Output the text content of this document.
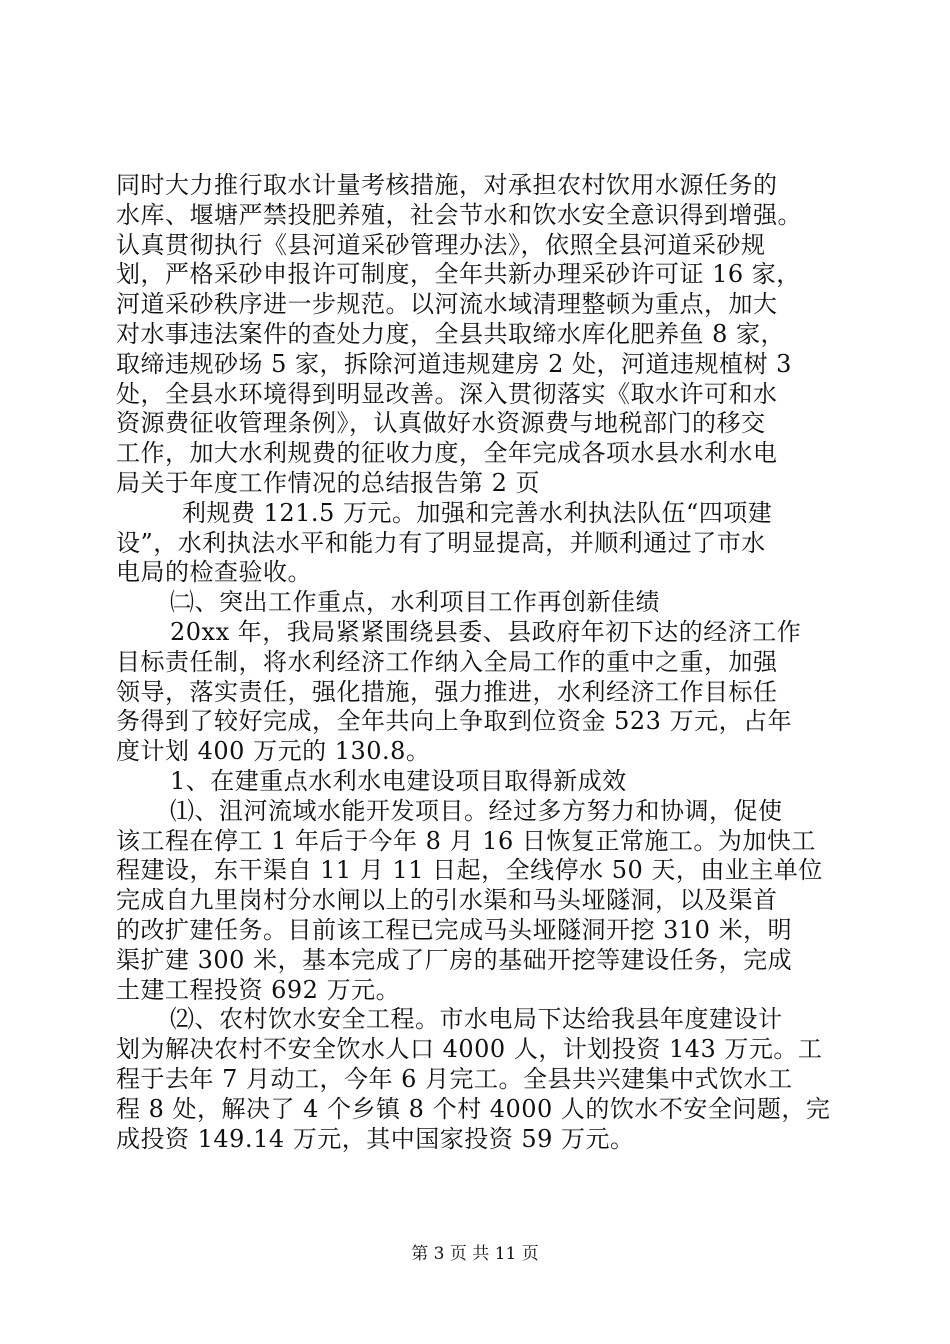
同时大力推行取水计量考核措施，对承担农村饮用水源任务的
水库、堰塘严禁投肥养殖，社会节水和饮水安全意识得到增强。
认真贯彻执行《县河道采砂管理办法》，依照全县河道采砂规
划，严格采砂申报许可制度，全年共新办理采砂许可证 16 家，
河道采砂秩序进一步规范。以河流水域清理整顿为重点，加大
对水事违法案件的查处力度，全县共取缔水库化肥养鱼 8 家，
取缔违规砂场 5 家，拆除河道违规建房 2 处，河道违规植树 3
处，全县水环境得到明显改善。深入贯彻落实《取水许可和水
资源费征收管理条例》，认真做好水资源费与地税部门的移交
工作，加大水利规费的征收力度，全年完成各项水县水利水电
局关于年度工作情况的总结报告第 2 页
利规费 121.5 万元。加强和完善水利执法队伍“四项建
设”，水利执法水平和能力有了明显提高，并顺利通过了市水
电局的检查验收。
㈡、突出工作重点，水利项目工作再创新佳绩
20xx 年，我局紧紧围绕县委、县政府年初下达的经济工作
目标责任制，将水利经济工作纳入全局工作的重中之重，加强
领导，落实责任，强化措施，强力推进，水利经济工作目标任
务得到了较好完成，全年共向上争取到位资金 523 万元，占年
度计划 400 万元的 130.8。
1、在建重点水利水电建设项目取得新成效
⑴、沮河流域水能开发项目。经过多方努力和协调，促使
该工程在停工 1 年后于今年 8 月 16 日恢复正常施工。为加快工
程建设，东干渠自 11 月 11 日起，全线停水 50 天，由业主单位
完成自九里岗村分水闸以上的引水渠和马头垭隧洞，以及渠首
的改扩建任务。目前该工程已完成马头垭隧洞开挖 310 米，明
渠扩建 300 米，基本完成了厂房的基础开挖等建设任务，完成
土建工程投资 692 万元。
⑵、农村饮水安全工程。市水电局下达给我县年度建设计
划为解决农村不安全饮水人口 4000 人，计划投资 143 万元。工
程于去年 7 月动工，今年 6 月完工。全县共兴建集中式饮水工
程 8 处，解决了 4 个乡镇 8 个村 4000 人的饮水不安全问题，完
成投资 149.14 万元，其中国家投资 59 万元。
第 3 页 共 11 页
